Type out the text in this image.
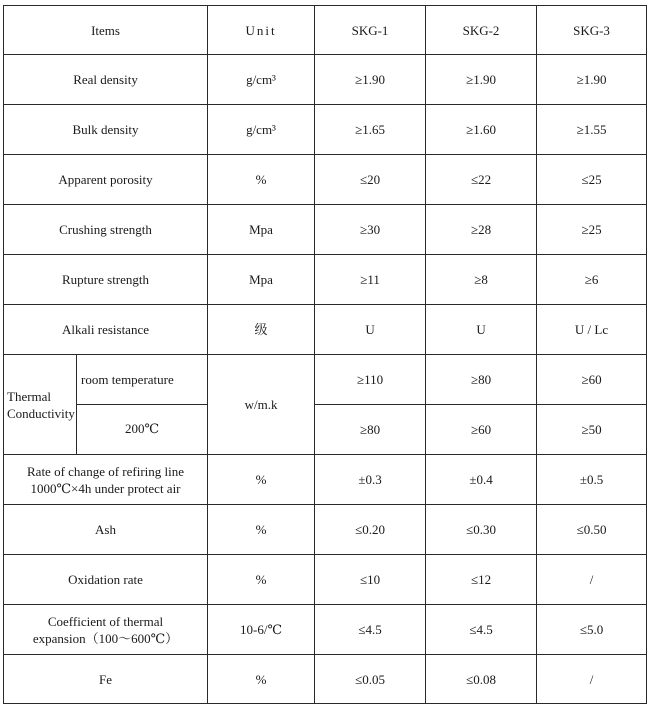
Items		Unit	SKG-1	SKG-2	SKG-3
Real density		g/cm³	≥1.90	≥1.90	≥1.90
Bulk density		g/cm³	≥1.65	≥1.60	≥1.55
Apparent porosity		%	≤20	≤22	≤25
Crushing strength		Mpa	≥30	≥28	≥25
Rupture strength		Mpa	≥11	≥8	≥6
Alkali resistance		级	U	U	U / Lc

Thermal
Conductivity	room temperature	w/m.k	≥110	≥80	≥60
	200℃		≥80	≥60	≥50

Rate of change of refiring line
1000℃×4h under protect air		%	±0.3	±0.4	±0.5
Ash		%	≤0.20	≤0.30	≤0.50
Oxidation rate		%	≤10	≤12	/

Coefficient of thermal
expansion（100～600℃）		10-6/℃	≤4.5	≤4.5	≤5.0
Fe		%	≤0.05	≤0.08	/
